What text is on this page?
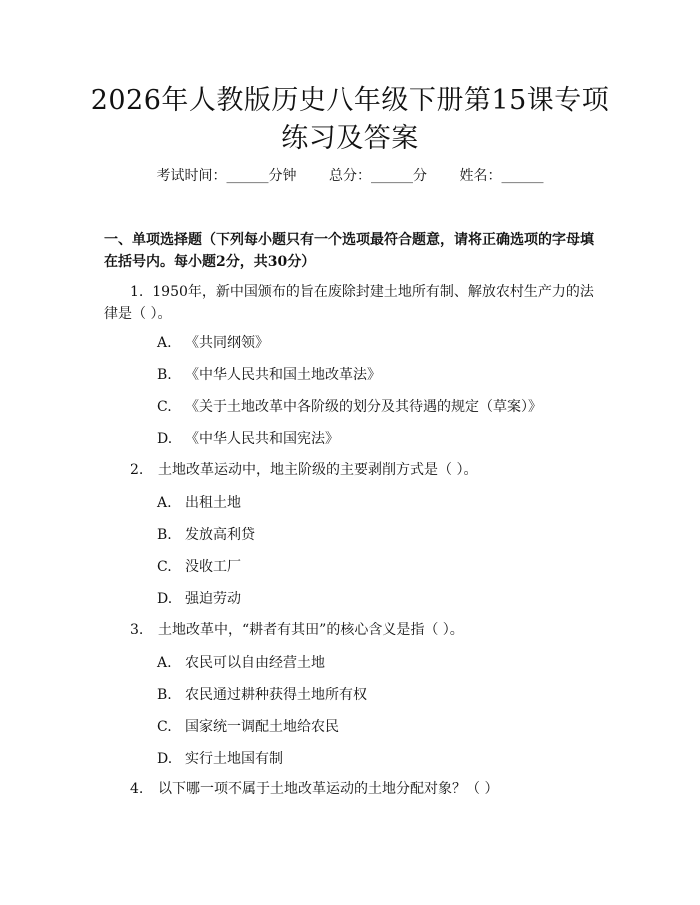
2026年人教版历史八年级下册第15课专项练习及答案
考试时间：______分钟 总分：______分 姓名：______
一、单项选择题（下列每小题只有一个选项最符合题意，请将正确选项的字母填在括号内。每小题2分，共30分）
1. 1950年，新中国颁布的旨在废除封建土地所有制、解放农村生产力的法律是（ ）。
A. 《共同纲领》
B. 《中华人民共和国土地改革法》
C. 《关于土地改革中各阶级的划分及其待遇的规定（草案）》
D. 《中华人民共和国宪法》
2. 土地改革运动中，地主阶级的主要剥削方式是（ ）。
A. 出租土地
B. 发放高利贷
C. 没收工厂
D. 强迫劳动
3. 土地改革中，“耕者有其田”的核心含义是指（ ）。
A. 农民可以自由经营土地
B. 农民通过耕种获得土地所有权
C. 国家统一调配土地给农民
D. 实行土地国有制
4. 以下哪一项不属于土地改革运动的土地分配对象？（ ）
